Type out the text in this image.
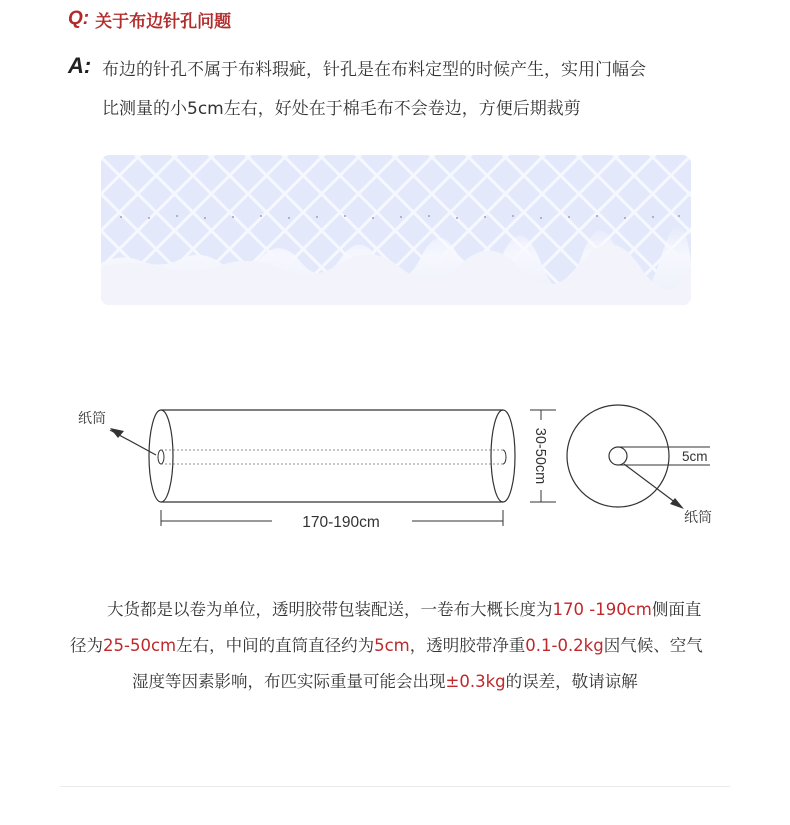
Q: 关于布边针孔问题
A: 布边的针孔不属于布料瑕疵，针孔是在布料定型的时候产生，实用门幅会
比测量的小5cm左右，好处在于棉毛布不会卷边，方便后期裁剪
纸筒
170-190cm
30-50cm	5cm
纸筒
大货都是以卷为单位，透明胶带包装配送，一卷布大概长度为170 -190cm侧面直
径为25-50cm左右，中间的直筒直径约为5cm，透明胶带净重0.1-0.2kg因气候、空气
湿度等因素影响，布匹实际重量可能会出现±0.3kg的误差，敬请谅解
